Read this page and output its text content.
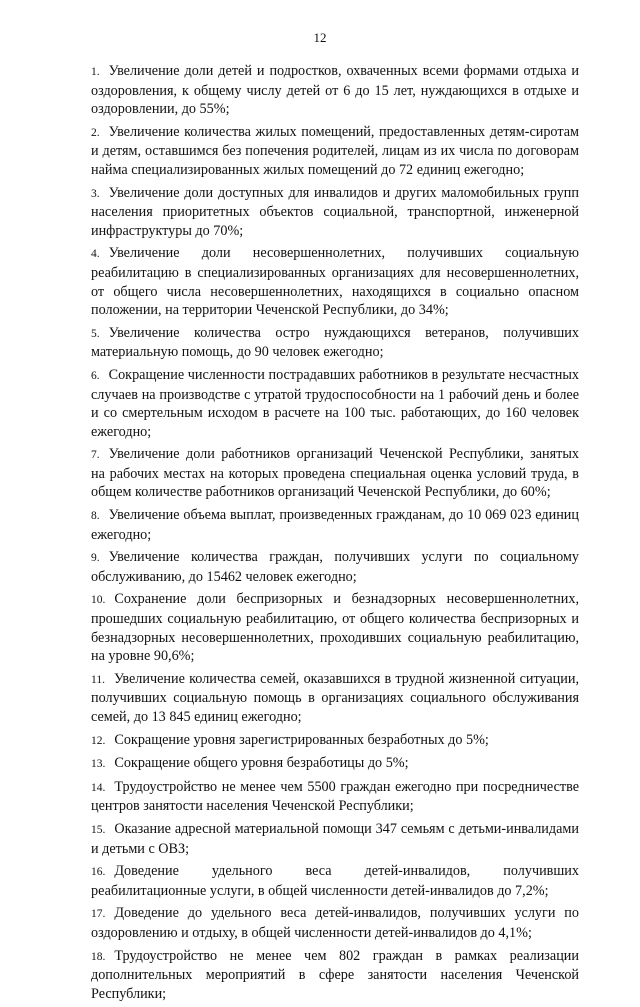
12

1. Увеличение доли детей и подростков, охваченных всеми формами отдыха и оздоровления, к общему числу детей от 6 до 15 лет, нуждающихся в отдыхе и оздоровлении, до 55%;

2. Увеличение количества жилых помещений, предоставленных детям-сиротам и детям, оставшимся без попечения родителей, лицам из их числа по договорам найма специализированных жилых помещений до 72 единиц ежегодно;

3. Увеличение доли доступных для инвалидов и других маломобильных групп населения приоритетных объектов социальной, транспортной, инженерной инфраструктуры до 70%;

4. Увеличение доли несовершеннолетних, получивших социальную реабилитацию в специализированных организациях для несовершеннолетних, от общего числа несовершеннолетних, находящихся в социально опасном положении, на территории Чеченской Республики, до 34%;

5. Увеличение количества остро нуждающихся ветеранов, получивших материальную помощь, до 90 человек ежегодно;

6. Сокращение численности пострадавших работников в результате несчастных случаев на производстве с утратой трудоспособности на 1 рабочий день и более и со смертельным исходом в расчете на 100 тыс. работающих, до 160 человек ежегодно;

7. Увеличение доли работников организаций Чеченской Республики, занятых на рабочих местах на которых проведена специальная оценка условий труда, в общем количестве работников организаций Чеченской Республики, до 60%;

8. Увеличение объема выплат, произведенных гражданам, до 10 069 023 единиц ежегодно;

9. Увеличение количества граждан, получивших услуги по социальному обслуживанию, до 15462 человек ежегодно;

10. Сохранение доли беспризорных и безнадзорных несовершеннолетних, прошедших социальную реабилитацию, от общего количества беспризорных и безнадзорных несовершеннолетних, проходивших социальную реабилитацию, на уровне 90,6%;

11. Увеличение количества семей, оказавшихся в трудной жизненной ситуации, получивших социальную помощь в организациях социального обслуживания семей, до 13 845 единиц ежегодно;

12. Сокращение уровня зарегистрированных безработных до 5%;

13. Сокращение общего уровня безработицы до 5%;

14. Трудоустройство не менее чем 5500 граждан ежегодно при посредничестве центров занятости населения Чеченской Республики;

15. Оказание адресной материальной помощи 347 семьям с детьми-инвалидами и детьми с ОВЗ;

16. Доведение удельного веса детей-инвалидов, получивших реабилитационные услуги, в общей численности детей-инвалидов до 7,2%;

17. Доведение до удельного веса детей-инвалидов, получивших услуги по оздоровлению и отдыху, в общей численности детей-инвалидов до 4,1%;

18. Трудоустройство не менее чем 802 граждан в рамках реализации дополнительных мероприятий в сфере занятости населения Чеченской Республики;
